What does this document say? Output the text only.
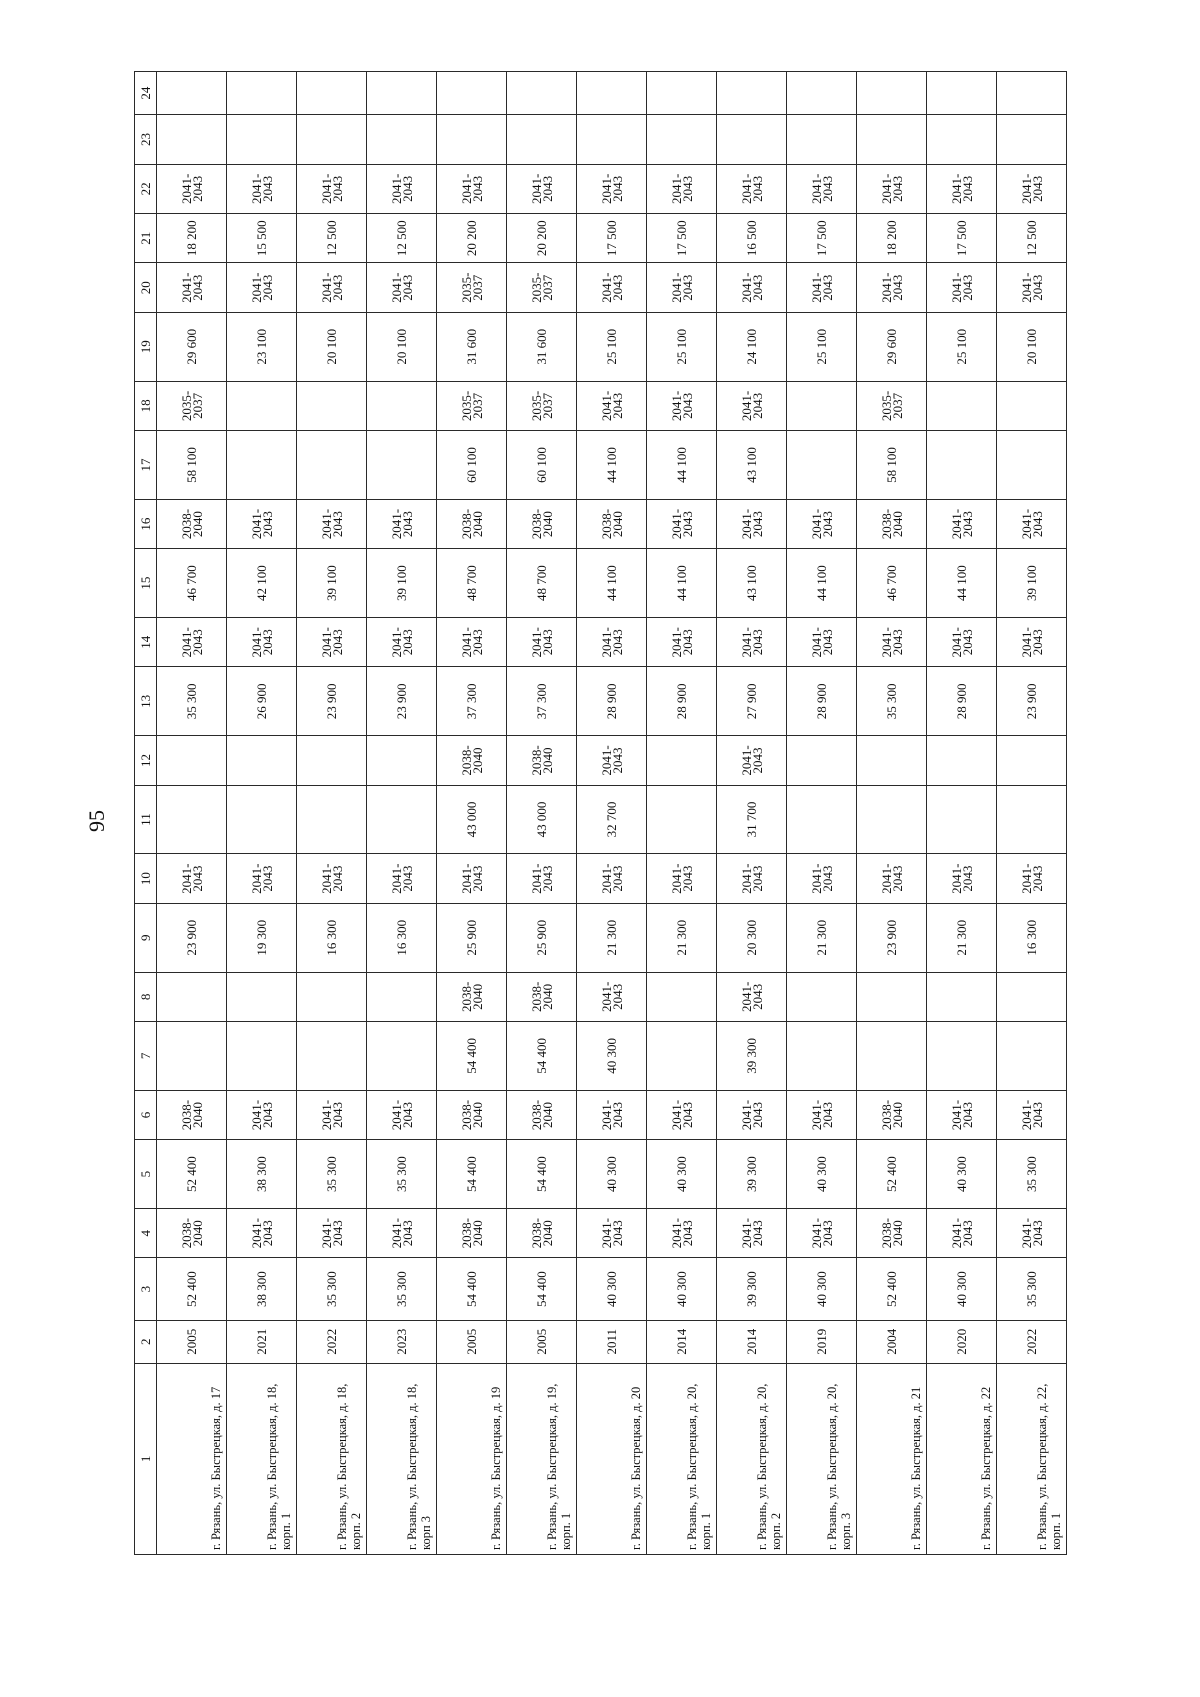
95
1	2	3	4	5	6	7	8	9	10	11	12	13	14	15	16	17	18	19	20	21	22	23	24
г. Рязань, ул. Быстрецкая, д. 17	2005	52 400	2038-2040	52 400	2038-2040			23 900	2041-2043			35 300	2041-2043	46 700	2038-2040	58 100	2035-2037	29 600	2041-2043	18 200	2041-2043		
г. Рязань, ул. Быстрецкая, д. 18, корп. 1	2021	38 300	2041-2043	38 300	2041-2043			19 300	2041-2043			26 900	2041-2043	42 100	2041-2043			23 100	2041-2043	15 500	2041-2043		
г. Рязань, ул. Быстрецкая, д. 18, корп. 2	2022	35 300	2041-2043	35 300	2041-2043			16 300	2041-2043			23 900	2041-2043	39 100	2041-2043			20 100	2041-2043	12 500	2041-2043		
г. Рязань, ул. Быстрецкая, д. 18, корп 3	2023	35 300	2041-2043	35 300	2041-2043			16 300	2041-2043			23 900	2041-2043	39 100	2041-2043			20 100	2041-2043	12 500	2041-2043		
г. Рязань, ул. Быстрецкая, д. 19	2005	54 400	2038-2040	54 400	2038-2040	54 400	2038-2040	25 900	2041-2043	43 000	2038-2040	37 300	2041-2043	48 700	2038-2040	60 100	2035-2037	31 600	2035-2037	20 200	2041-2043		
г. Рязань, ул. Быстрецкая, д. 19, корп. 1	2005	54 400	2038-2040	54 400	2038-2040	54 400	2038-2040	25 900	2041-2043	43 000	2038-2040	37 300	2041-2043	48 700	2038-2040	60 100	2035-2037	31 600	2035-2037	20 200	2041-2043		
г. Рязань, ул. Быстрецкая, д. 20	2011	40 300	2041-2043	40 300	2041-2043	40 300	2041-2043	21 300	2041-2043	32 700	2041-2043	28 900	2041-2043	44 100	2038-2040	44 100	2041-2043	25 100	2041-2043	17 500	2041-2043		
г. Рязань, ул. Быстрецкая, д. 20, корп. 1	2014	40 300	2041-2043	40 300	2041-2043			21 300	2041-2043			28 900	2041-2043	44 100	2041-2043	44 100	2041-2043	25 100	2041-2043	17 500	2041-2043		
г. Рязань, ул. Быстрецкая, д. 20, корп. 2	2014	39 300	2041-2043	39 300	2041-2043	39 300	2041-2043	20 300	2041-2043	31 700	2041-2043	27 900	2041-2043	43 100	2041-2043	43 100	2041-2043	24 100	2041-2043	16 500	2041-2043		
г. Рязань, ул. Быстрецкая, д. 20, корп. 3	2019	40 300	2041-2043	40 300	2041-2043			21 300	2041-2043			28 900	2041-2043	44 100	2041-2043			25 100	2041-2043	17 500	2041-2043		
г. Рязань, ул. Быстрецкая, д. 21	2004	52 400	2038-2040	52 400	2038-2040			23 900	2041-2043			35 300	2041-2043	46 700	2038-2040	58 100	2035-2037	29 600	2041-2043	18 200	2041-2043		
г. Рязань, ул. Быстрецкая, д. 22	2020	40 300	2041-2043	40 300	2041-2043			21 300	2041-2043			28 900	2041-2043	44 100	2041-2043			25 100	2041-2043	17 500	2041-2043		
г. Рязань, ул. Быстрецкая, д. 22, корп. 1	2022	35 300	2041-2043	35 300	2041-2043			16 300	2041-2043			23 900	2041-2043	39 100	2041-2043			20 100	2041-2043	12 500	2041-2043		
